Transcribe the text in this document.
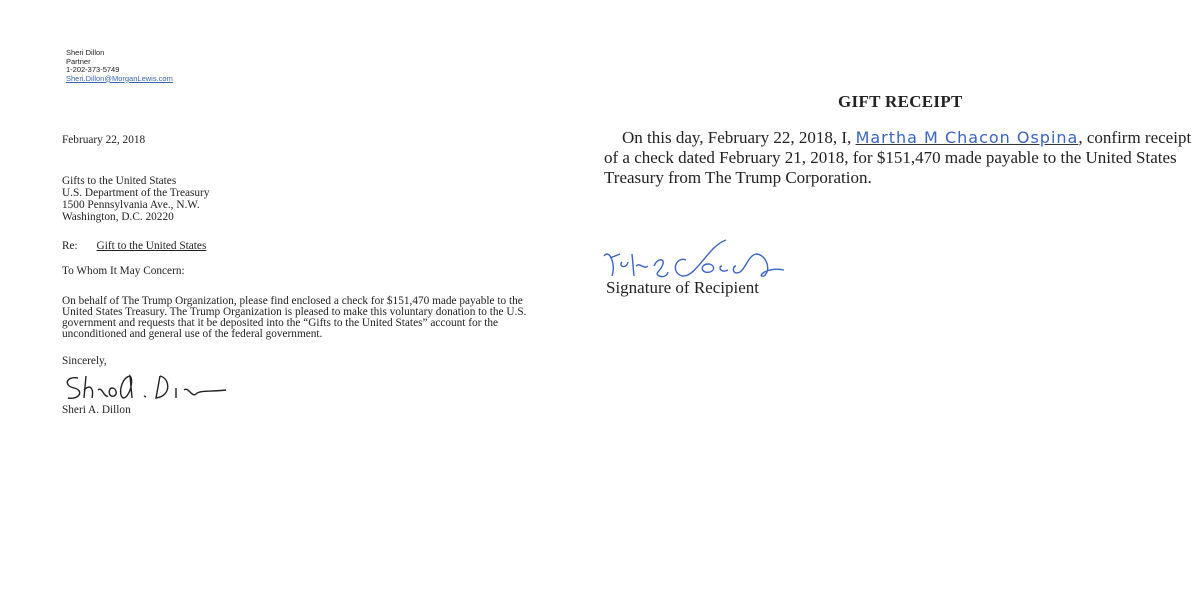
Sheri Dillon
Partner
1-202-373-5749
Sheri.Dillon@MorganLewis.com
February 22, 2018
Gifts to the United States
U.S. Department of the Treasury
1500 Pennsylvania Ave., N.W.
Washington, D.C. 20220
Re: Gift to the United States
To Whom It May Concern:
On behalf of The Trump Organization, please find enclosed a check for $151,470 made payable to the United States Treasury. The Trump Organization is pleased to make this voluntary donation to the U.S. government and requests that it be deposited into the “Gifts to the United States” account for the unconditioned and general use of the federal government.
Sincerely,
Sheri A. Dillon
GIFT RECEIPT
On this day, February 22, 2018, I, Martha M Chacon Ospina, confirm receipt of a check dated February 21, 2018, for $151,470 made payable to the United States Treasury from The Trump Corporation.
Signature of Recipient
